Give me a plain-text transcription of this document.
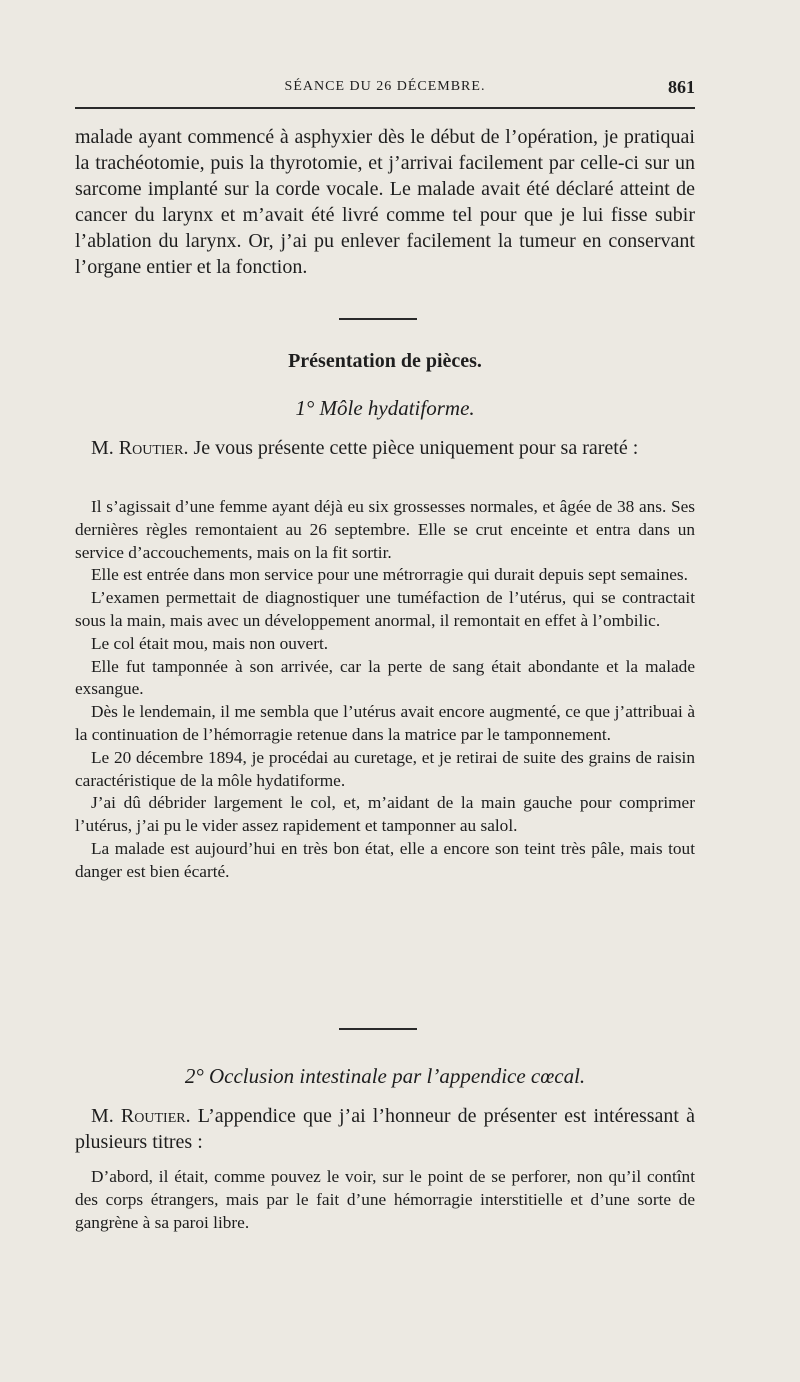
SÉANCE DU 26 DÉCEMBRE.	861

malade ayant commencé à asphyxier dès le début de l’opération, je pratiquai la trachéotomie, puis la thyrotomie, et j’arrivai facilement par celle-ci sur un sarcome implanté sur la corde vocale. Le malade avait été déclaré atteint de cancer du larynx et m’avait été livré comme tel pour que je lui fisse subir l’ablation du larynx. Or, j’ai pu enlever facilement la tumeur en conservant l’organe entier et la fonction.

Présentation de pièces.
1° Môle hydatiforme.

M. Routier. Je vous présente cette pièce uniquement pour sa rareté :

Il s’agissait d’une femme ayant déjà eu six grossesses normales, et âgée de 38 ans. Ses dernières règles remontaient au 26 septembre. Elle se crut enceinte et entra dans un service d’accouchements, mais on la fit sortir.

Elle est entrée dans mon service pour une métrorragie qui durait depuis sept semaines.

L’examen permettait de diagnostiquer une tuméfaction de l’utérus, qui se contractait sous la main, mais avec un développement anormal, il remontait en effet à l’ombilic.

Le col était mou, mais non ouvert.

Elle fut tamponnée à son arrivée, car la perte de sang était abondante et la malade exsangue.

Dès le lendemain, il me sembla que l’utérus avait encore augmenté, ce que j’attribuai à la continuation de l’hémorragie retenue dans la matrice par le tamponnement.

Le 20 décembre 1894, je procédai au curetage, et je retirai de suite des grains de raisin caractéristique de la môle hydatiforme.

J’ai dû débrider largement le col, et, m’aidant de la main gauche pour comprimer l’utérus, j’ai pu le vider assez rapidement et tamponner au salol.

La malade est aujourd’hui en très bon état, elle a encore son teint très pâle, mais tout danger est bien écarté.

2° Occlusion intestinale par l’appendice cœcal.

M. Routier. L’appendice que j’ai l’honneur de présenter est intéressant à plusieurs titres :

D’abord, il était, comme pouvez le voir, sur le point de se perforer, non qu’il contînt des corps étrangers, mais par le fait d’une hémorragie interstitielle et d’une sorte de gangrène à sa paroi libre.
